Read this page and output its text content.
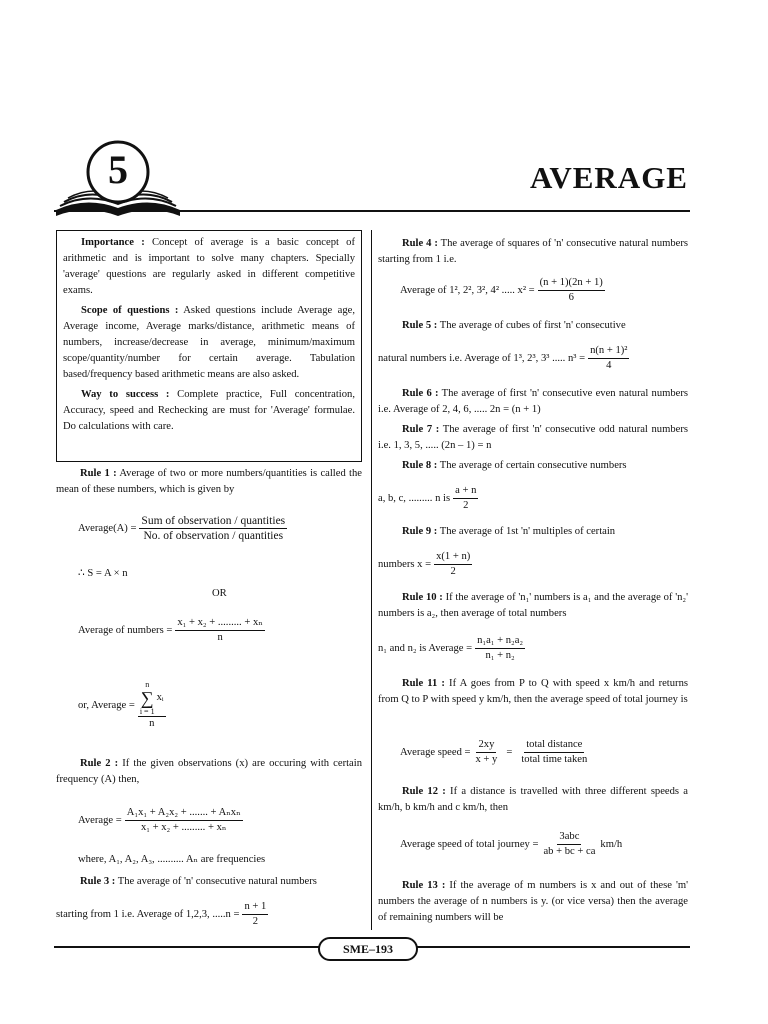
5	AVERAGE

Importance : Concept of average is a basic concept of arithmetic and is important to solve many chapters. Specially 'average' questions are regularly asked in different competitive exams.

Scope of questions : Asked questions include Average age, Average income, Average marks/distance, arithmetic means of numbers, increase/decrease in average, minimum/maximum scope/quantity/number for certain average. Tabulation based/frequency based arithmetic means are also asked.

Way to success : Complete practice, Full concentration, Accuracy, speed and Rechecking are must for 'Average' formulae. Do calculations with care.

Rule 1 : Average of two or more numbers/quantities is called the mean of these numbers, which is given by

Average(A) = $\frac{\text{Sum of observation / quantities}}{\text{No. of observation / quantities}}$
∴ S = A × n
OR
Average of numbers = $\frac{\text{x₁ + x₂ + ......... + xₙ}}{n}$
or, Average = n
∑
i = 1
xᵢ
n

Rule 2 : If the given observations (x) are occuring with certain frequency (A) then,

Average = $\frac{\text{A₁x₁ + A₂x₂ + ....... + Aₙxₙ}}{\text{x₁ + x₂ + ......... + xₙ}}$
where, A₁, A₂, A₃, .......... Aₙ are frequencies

Rule 3 : The average of 'n' consecutive natural numbers

starting from 1 i.e. Average of 1,2,3, $.....n = \frac{n + 1}{2}$

Rule 4 : The average of squares of 'n' consecutive natural numbers starting from 1 i.e.

Average of 1², 2², 3², 4² ..... $x^2 = \frac{(n + 1)(2n + 1)}{6}$

Rule 5 : The average of cubes of first 'n' consecutive

natural numbers i.e. Average of 1³, 2³, 3³ ..... $n^3 = \frac{\text{n(n + 1)²}}{4}$

Rule 6 : The average of first 'n' consecutive even natural numbers i.e. Average of 2, 4, 6, ..... 2n = (n + 1)

Rule 7 : The average of first 'n' consecutive odd natural numbers i.e. 1, 3, 5, ..... (2n – 1) = n

Rule 8 : The average of certain consecutive numbers

a, b, c, ......... n is $\frac{a + n}{2}$

Rule 9 : The average of 1st 'n' multiples of certain

numbers $x = \frac{x(1 + n)}{2}$

Rule 10 : If the average of 'n₁' numbers is a₁ and the average of 'n₂' numbers is a₂, then average of total numbers

n₁ and n₂ is Average = $\frac{\text{n₁a₁ + n₂a₂}}{\text{n₁ + n₂}}$

Rule 11 : If A goes from P to Q with speed x km/h and returns from Q to P with speed y km/h, then the average speed of total journey is

Average speed = $\frac{2xy}{x + y} = \frac{\text{total distance}}{\text{total time taken}}$

Rule 12 : If a distance is travelled with three different speeds a km/h, b km/h and c km/h, then

Average speed of total journey = $\frac{\text{3abc}}{ab + bc + ca} km/h$

Rule 13 : If the average of m numbers is x and out of these 'm' numbers the average of n numbers is y. (or vice versa) then the average of remaining numbers will be

SME–193
